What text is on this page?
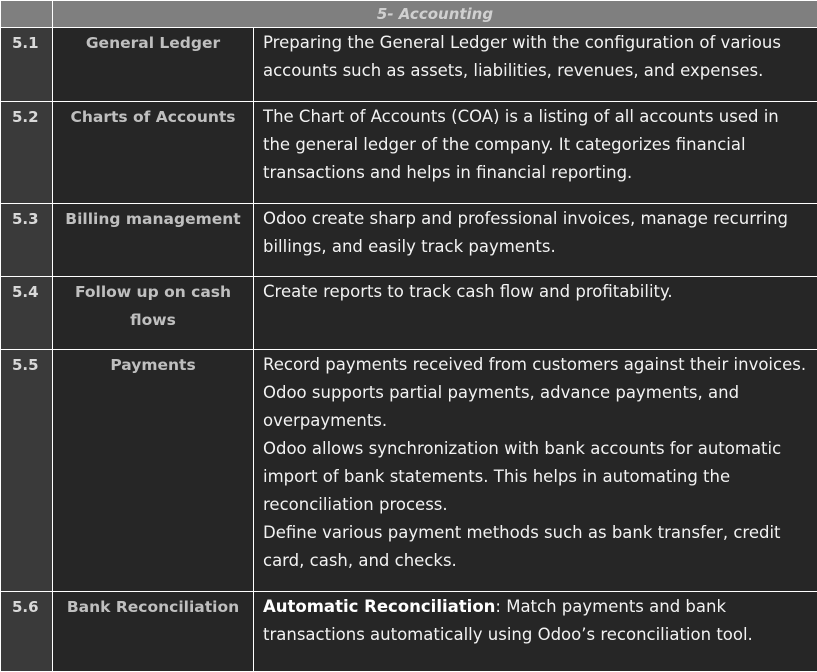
	5- Accounting	

5.1	General Ledger	Preparing the General Ledger with the configuration of various accounts such as assets, liabilities, revenues, and expenses.

5.2	Charts of Accounts	The Chart of Accounts (COA) is a listing of all accounts used in the general ledger of the company. It categorizes financial transactions and helps in financial reporting.

5.3	Billing management	Odoo create sharp and professional invoices, manage recurring billings, and easily track payments.

5.4	Follow up on cash flows	Create reports to track cash flow and profitability.

5.5	Payments	Record payments received from customers against their invoices. Odoo supports partial payments, advance payments, and overpayments.
Odoo allows synchronization with bank accounts for automatic import of bank statements. This helps in automating the reconciliation process.
Define various payment methods such as bank transfer, credit card, cash, and checks.

5.6	Bank Reconciliation	Automatic Reconciliation: Match payments and bank transactions automatically using Odoo’s reconciliation tool.
